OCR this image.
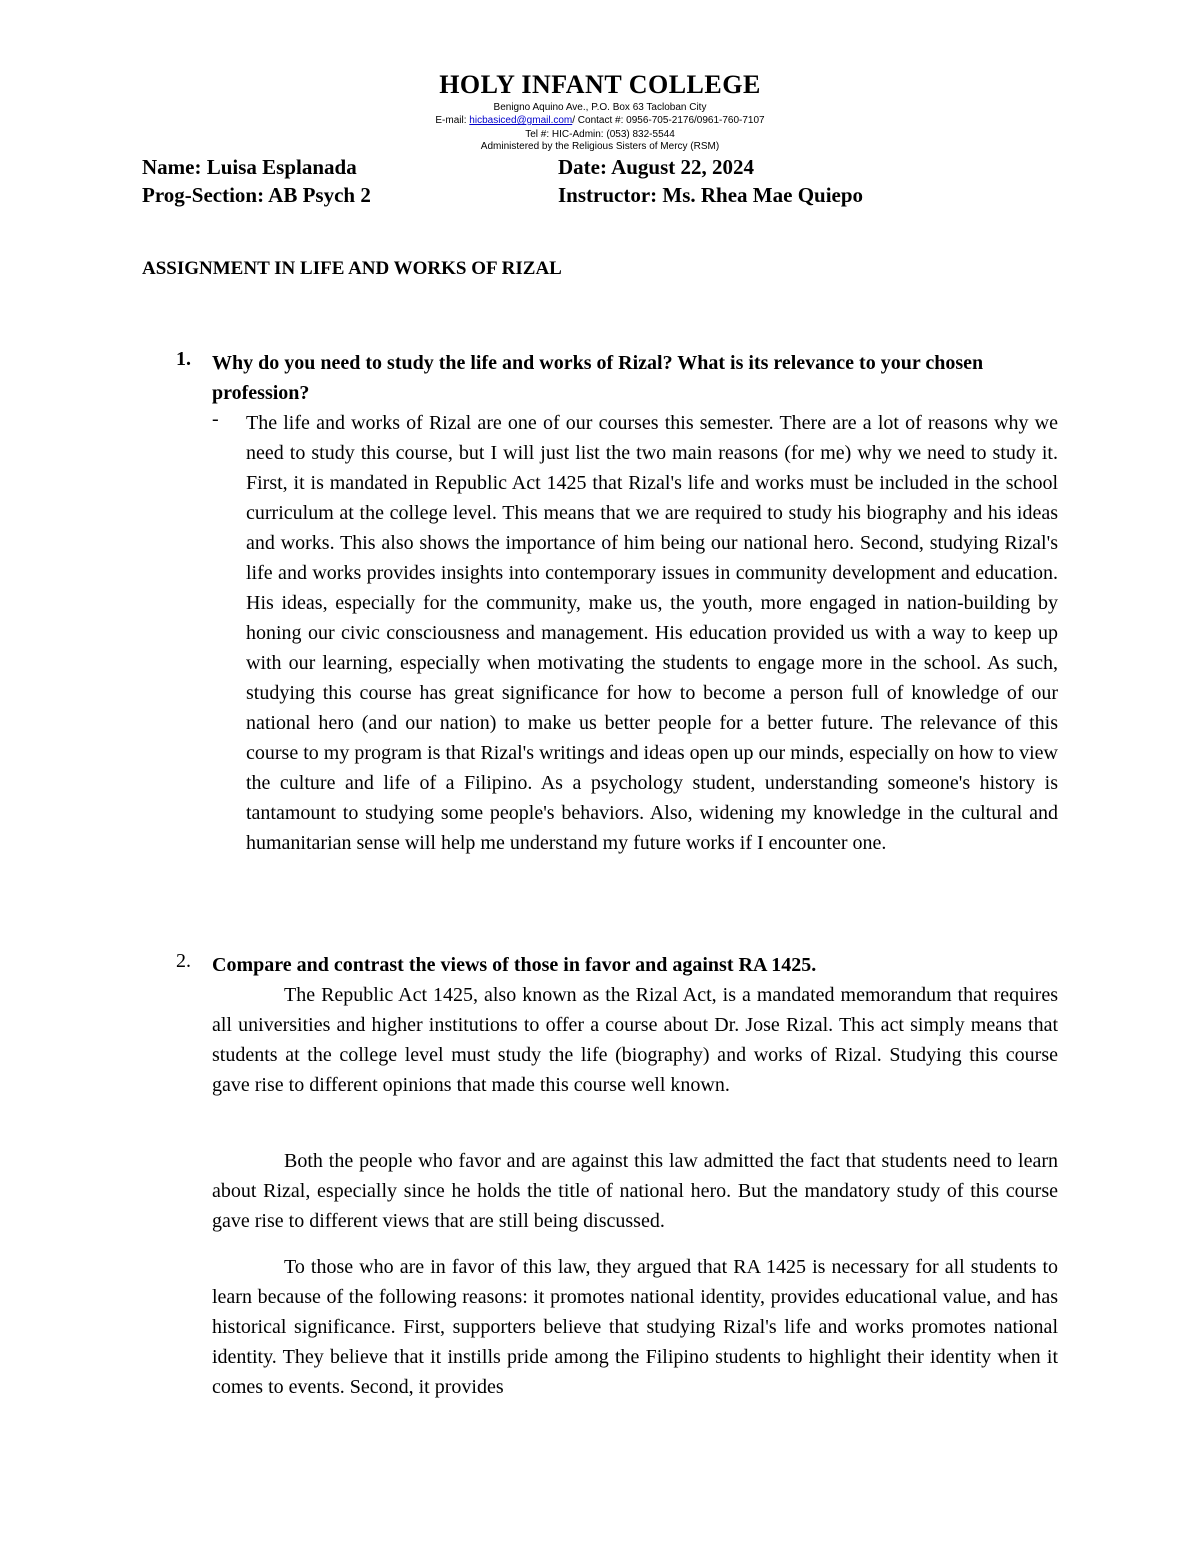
HOLY INFANT COLLEGE
Benigno Aquino Ave., P.O. Box 63 Tacloban City
E-mail: hicbasiced@gmail.com/ Contact #: 0956-705-2176/0961-760-7107
Tel #: HIC-Admin: (053) 832-5544
Administered by the Religious Sisters of Mercy (RSM)
Name: Luisa Esplanada
Prog-Section: AB Psych 2
Date: August 22, 2024
Instructor: Ms. Rhea Mae Quiepo
ASSIGNMENT IN LIFE AND WORKS OF RIZAL
1. Why do you need to study the life and works of Rizal? What is its relevance to your chosen profession?
- The life and works of Rizal are one of our courses this semester. There are a lot of reasons why we need to study this course, but I will just list the two main reasons (for me) why we need to study it. First, it is mandated in Republic Act 1425 that Rizal's life and works must be included in the school curriculum at the college level. This means that we are required to study his biography and his ideas and works. This also shows the importance of him being our national hero. Second, studying Rizal's life and works provides insights into contemporary issues in community development and education. His ideas, especially for the community, make us, the youth, more engaged in nation-building by honing our civic consciousness and management. His education provided us with a way to keep up with our learning, especially when motivating the students to engage more in the school. As such, studying this course has great significance for how to become a person full of knowledge of our national hero (and our nation) to make us better people for a better future. The relevance of this course to my program is that Rizal's writings and ideas open up our minds, especially on how to view the culture and life of a Filipino. As a psychology student, understanding someone's history is tantamount to studying some people's behaviors. Also, widening my knowledge in the cultural and humanitarian sense will help me understand my future works if I encounter one.

2. Compare and contrast the views of those in favor and against RA 1425.

The Republic Act 1425, also known as the Rizal Act, is a mandated memorandum that requires all universities and higher institutions to offer a course about Dr. Jose Rizal. This act simply means that students at the college level must study the life (biography) and works of Rizal. Studying this course gave rise to different opinions that made this course well known.

Both the people who favor and are against this law admitted the fact that students need to learn about Rizal, especially since he holds the title of national hero. But the mandatory study of this course gave rise to different views that are still being discussed.

To those who are in favor of this law, they argued that RA 1425 is necessary for all students to learn because of the following reasons: it promotes national identity, provides educational value, and has historical significance. First, supporters believe that studying Rizal's life and works promotes national identity. They believe that it instills pride among the Filipino students to highlight their identity when it comes to events. Second, it provides
